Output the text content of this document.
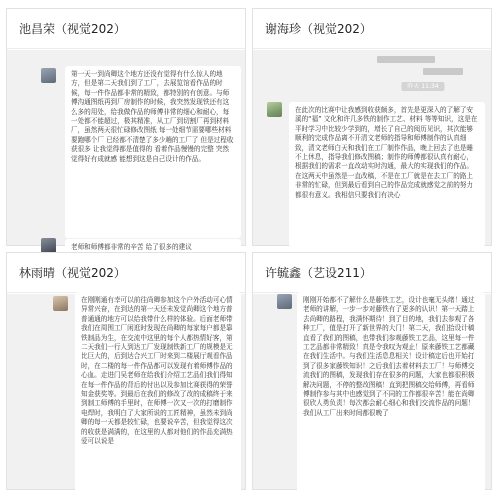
池昌荣（视觉202）
第一天一到尚卿这个地方还没有觉得有什么惊人的地方，但是第二天我们到了工厂，去展览馆看作品的时候，每一件作品都非常的精致，都特别的有创意。与师傅沟通图纸再到厂房制作的时候，我突然发现铁还有这么多的用处，给我做作品的师傅非常的细心和耐心，每一处都不能超过，极其精准，从工厂到切割厂再到材料厂，虽然两天很忙碌修改图纸 每一处细节需要哪些材料 要跑哪个厂 已经都不清楚了多少趟的工厂了 但是过程收获很多 让我觉得都是值得的 看着作品慢慢的完整 突然觉得好有成就感 能想到这是自己设计的作品。
老师和师傅都非常的辛苦 给了很多的建议
谢海珍（视觉202）
昨天 11:34
在此次的比赛中让我感到收获颇多，首先是更深入的了解了安溪的“福” 文化和许几多铁的制作工艺、材料 等等知识，这是在平时学习中比较少学到的，增长了自己的阅历见识，其次能够顺利的完成作品离不开清文老师的指导和师傅制作的认真细致，清文老师白天和我们在工厂制作作品，晚上回去了也是睡不上休息，指导我们修改图稿；制作的师傅都很认真有耐心，根据我们的需求一直改动实时沟通，最大的实现我们的作品。在这两天中虽然是一直改稿，不是在工厂就是在去工厂的路上非常的忙碌，但到最后看到自己的作品完成就感觉之前的努力都很有意义。我相信只要我们有决心
林雨晴（视觉202）
在刚刚通有幸可以前往尚卿参加这个户外活动可心情异常兴奋，在到达的第一天还未发觉尚卿这个地方普普通通的地方可以给我带什么样的体验。后面老师带我们在周围工厂闲逛时发现在尚卿的每家每户都是靠铁制品为生，在交流中这里的每个人都热情好客，第二天我们一行人到达工厂发现制铁新工厂的规模是无比巨大的，后到达合兴工厂时来到二楼展厅观看作品时，在二楼的每一件作品都可以发现有着师傅作品的心血。走进门吴老师在给我们介绍工艺品们我们得知在每一件作品的背后的付出以及参加比赛获得的荣誉知金获奖等。到最后在我们的修改了改的成稿终于来到制工师傅的手里时，在师傅一次又一次的打磨制作电焊时，我明白了大家所说的工匠精神，虽然未到尚卿的每一天都是较忙碌，也要说辛苦，但我觉得这次的收获是满满的，在这里的人都对他们的作品充满热爱可以说是
许毓鑫（艺设211）
刚刚开始都不了解什么是藤铁工艺，设计也毫无头绪！通过老师的讲解，一步一步对藤铁有了更多的认识！第一天踏上去尚卿的路程，我满怀期待！到了目的地，我们去参观了各种工厂，值是打开了新世界的大门！第二天，我们拾设计稿直看了我们的图稿，也带我们参观藤铁工艺品，这里每一件工艺品都非常精致！真是令我叹为观止！原来藤铁工艺都藏在我们生活中。与我们生活息息相关！设计稿定后也开始打到了很多家藤铁知识！之后我们去着材料去工厂！与师傅交流我们的图稿，发现我们存在很多的问题，大家也都很积极解决问题，不停的整改图稿！直到把图稿交给师傅，再看师傅制作参与其中也感觉到了不同的工作都很辛苦！能在尚卿很欣人勇负责！每次都会耐心细心和我们交流作品的问题！我们从工厂出来时间都很晚了
